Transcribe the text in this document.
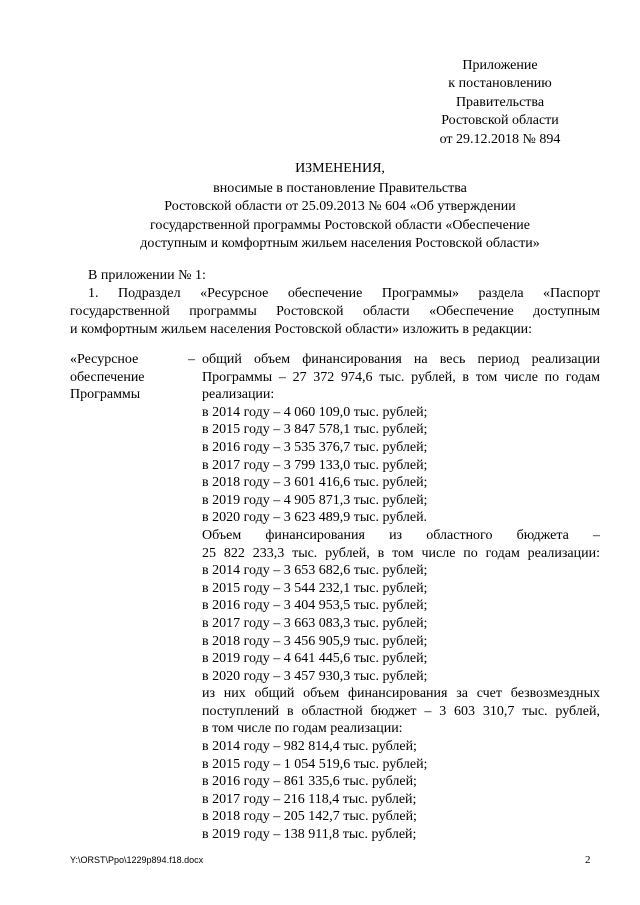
Приложение
к постановлению
Правительства
Ростовской области
от 29.12.2018 № 894
ИЗМЕНЕНИЯ,
вносимые в постановление Правительства
Ростовской области от 25.09.2013 № 604 «Об утверждении
государственной программы Ростовской области «Обеспечение
доступным и комфортным жильем населения Ростовской области»
В приложении № 1:
1. Подраздел «Ресурсное обеспечение Программы» раздела «Паспорт
государственной программы Ростовской области «Обеспечение доступным
и комфортным жильем населения Ростовской области» изложить в редакции:
«Ресурсное
обеспечение
Программы
– общий объем финансирования на весь период реализации
Программы – 27 372 974,6 тыс. рублей, в том числе по годам
реализации:
в 2014 году – 4 060 109,0 тыс. рублей;
в 2015 году – 3 847 578,1 тыс. рублей;
в 2016 году – 3 535 376,7 тыс. рублей;
в 2017 году – 3 799 133,0 тыс. рублей;
в 2018 году – 3 601 416,6 тыс. рублей;
в 2019 году – 4 905 871,3 тыс. рублей;
в 2020 году – 3 623 489,9 тыс. рублей.
Объем финансирования из областного бюджета –
25 822 233,3 тыс. рублей, в том числе по годам реализации:
в 2014 году – 3 653 682,6 тыс. рублей;
в 2015 году – 3 544 232,1 тыс. рублей;
в 2016 году – 3 404 953,5 тыс. рублей;
в 2017 году – 3 663 083,3 тыс. рублей;
в 2018 году – 3 456 905,9 тыс. рублей;
в 2019 году – 4 641 445,6 тыс. рублей;
в 2020 году – 3 457 930,3 тыс. рублей;
из них общий объем финансирования за счет безвозмездных
поступлений в областной бюджет – 3 603 310,7 тыс. рублей,
в том числе по годам реализации:
в 2014 году – 982 814,4 тыс. рублей;
в 2015 году – 1 054 519,6 тыс. рублей;
в 2016 году – 861 335,6 тыс. рублей;
в 2017 году – 216 118,4 тыс. рублей;
в 2018 году – 205 142,7 тыс. рублей;
в 2019 году – 138 911,8 тыс. рублей;
Y:\ORST\Ppo\1229p894.f18.docx	2
